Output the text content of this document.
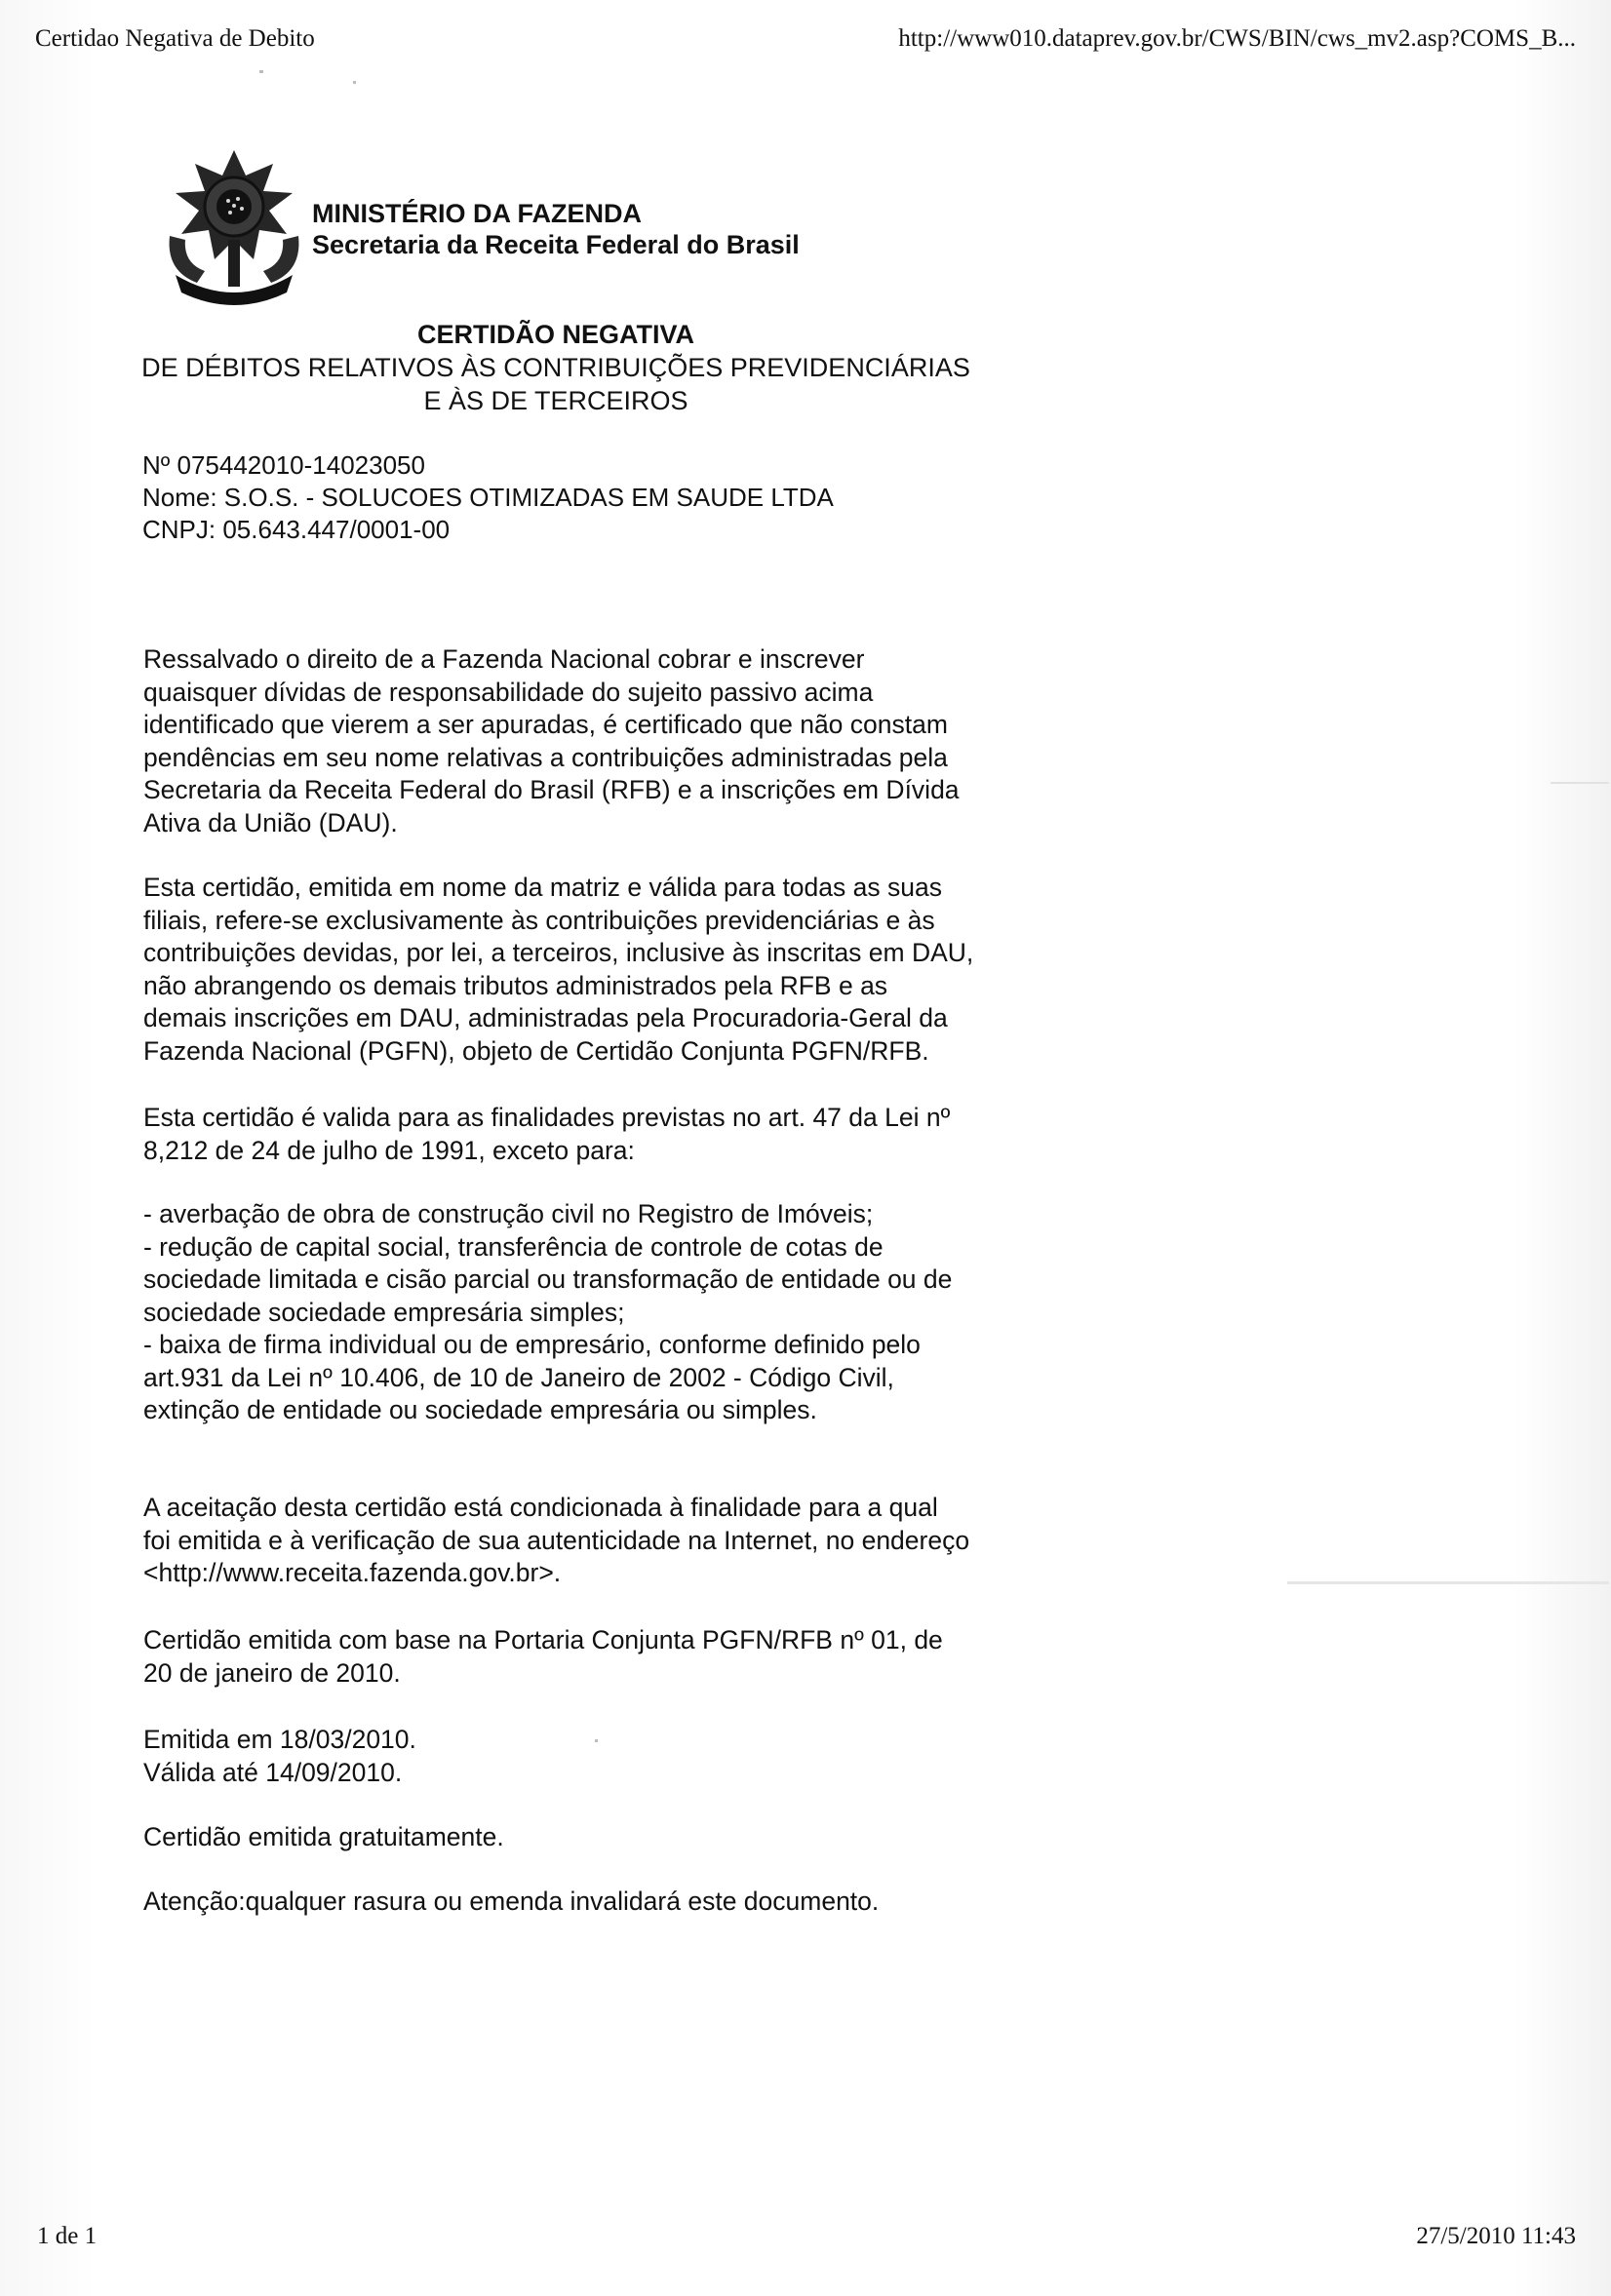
Certidao Negativa de Debito	http://www010.dataprev.gov.br/CWS/BIN/cws_mv2.asp?COMS_B...
MINISTÉRIO DA FAZENDA
Secretaria da Receita Federal do Brasil
CERTIDÃO NEGATIVA
DE DÉBITOS RELATIVOS ÀS CONTRIBUIÇÕES PREVIDENCIÁRIAS
E ÀS DE TERCEIROS
Nº 075442010-14023050
Nome: S.O.S. - SOLUCOES OTIMIZADAS EM SAUDE LTDA
CNPJ: 05.643.447/0001-00
Ressalvado o direito de a Fazenda Nacional cobrar e inscrever
quaisquer dívidas de responsabilidade do sujeito passivo acima
identificado que vierem a ser apuradas, é certificado que não constam
pendências em seu nome relativas a contribuições administradas pela
Secretaria da Receita Federal do Brasil (RFB) e a inscrições em Dívida
Ativa da União (DAU).
Esta certidão, emitida em nome da matriz e válida para todas as suas
filiais, refere-se exclusivamente às contribuições previdenciárias e às
contribuições devidas, por lei, a terceiros, inclusive às inscritas em DAU,
não abrangendo os demais tributos administrados pela RFB e as
demais inscrições em DAU, administradas pela Procuradoria-Geral da
Fazenda Nacional (PGFN), objeto de Certidão Conjunta PGFN/RFB.
Esta certidão é valida para as finalidades previstas no art. 47 da Lei nº
8,212 de 24 de julho de 1991, exceto para:
- averbação de obra de construção civil no Registro de Imóveis;
- redução de capital social, transferência de controle de cotas de
sociedade limitada e cisão parcial ou transformação de entidade ou de
sociedade sociedade empresária simples;
- baixa de firma individual ou de empresário, conforme definido pelo
art.931 da Lei nº 10.406, de 10 de Janeiro de 2002 - Código Civil,
extinção de entidade ou sociedade empresária ou simples.
A aceitação desta certidão está condicionada à finalidade para a qual
foi emitida e à verificação de sua autenticidade na Internet, no endereço
<http://www.receita.fazenda.gov.br>.
Certidão emitida com base na Portaria Conjunta PGFN/RFB nº 01, de
20 de janeiro de 2010.
Emitida em 18/03/2010.
Válida até 14/09/2010.
Certidão emitida gratuitamente.
Atenção:qualquer rasura ou emenda invalidará este documento.
1 de 1	27/5/2010 11:43
